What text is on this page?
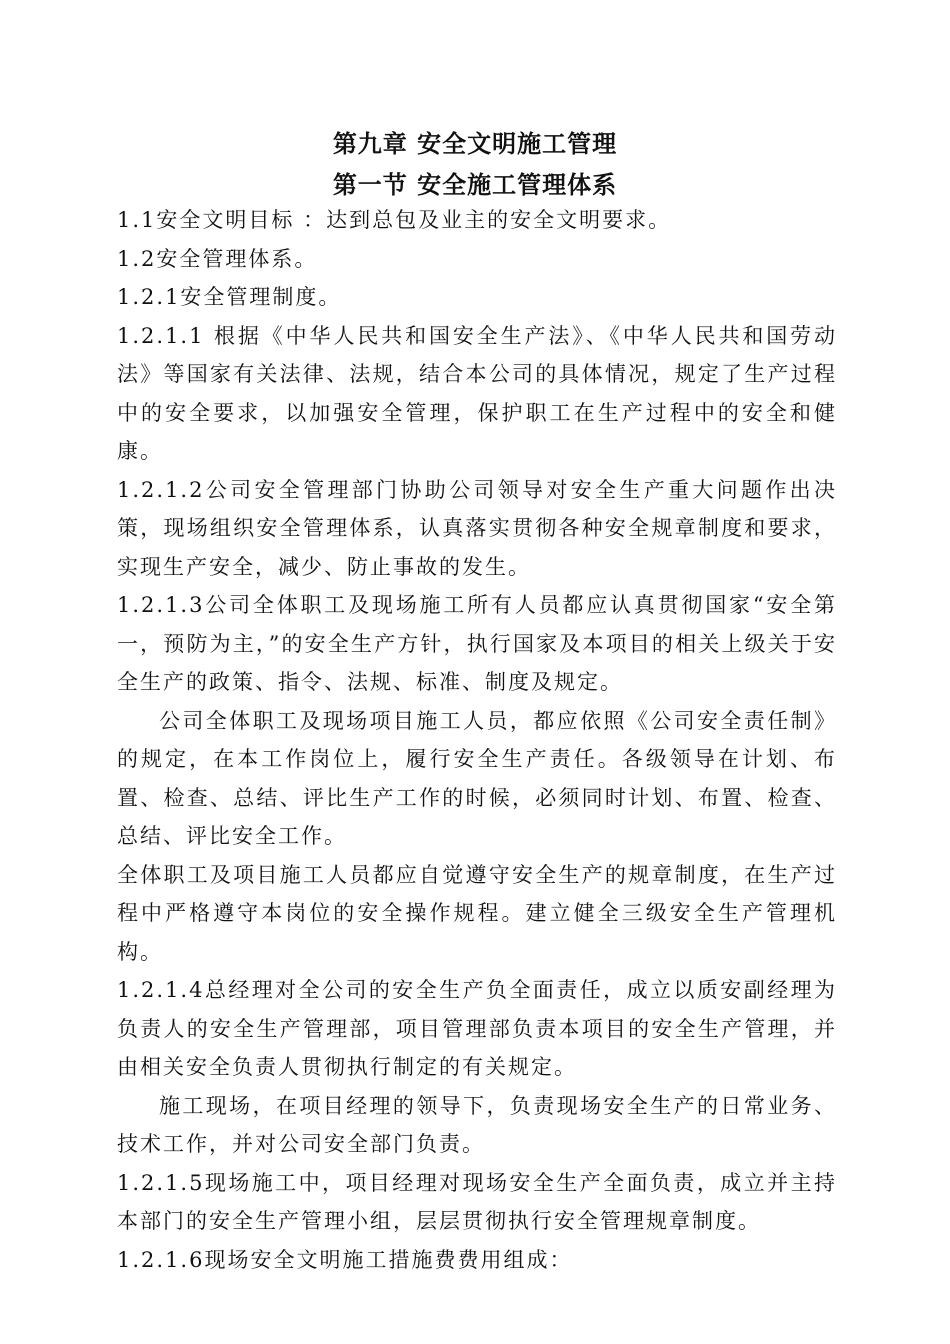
第九章 安全文明施工管理
第一节 安全施工管理体系

1.1安全文明目标 ：达到总包及业主的安全文明要求。

1.2安全管理体系。

1.2.1安全管理制度。

1.2.1.1 根据《中华人民共和国安全生产法》、《中华人民共和国劳动法》等国家有关法律、法规，结合本公司的具体情况，规定了生产过程中的安全要求，以加强安全管理，保护职工在生产过程中的安全和健康。

1.2.1.2公司安全管理部门协助公司领导对安全生产重大问题作出决策，现场组织安全管理体系，认真落实贯彻各种安全规章制度和要求，实现生产安全，减少、防止事故的发生。

1.2.1.3公司全体职工及现场施工所有人员都应认真贯彻国家“安全第一，预防为主，”的安全生产方针，执行国家及本项目的相关上级关于安全生产的政策、指令、法规、标准、制度及规定。

公司全体职工及现场项目施工人员，都应依照《公司安全责任制》的规定，在本工作岗位上，履行安全生产责任。各级领导在计划、布置、检查、总结、评比生产工作的时候，必须同时计划、布置、检查、总结、评比安全工作。

全体职工及项目施工人员都应自觉遵守安全生产的规章制度，在生产过程中严格遵守本岗位的安全操作规程。建立健全三级安全生产管理机构。

1.2.1.4总经理对全公司的安全生产负全面责任，成立以质安副经理为负责人的安全生产管理部，项目管理部负责本项目的安全生产管理，并由相关安全负责人贯彻执行制定的有关规定。

施工现场，在项目经理的领导下，负责现场安全生产的日常业务、技术工作，并对公司安全部门负责。

1.2.1.5现场施工中，项目经理对现场安全生产全面负责，成立并主持本部门的安全生产管理小组，层层贯彻执行安全管理规章制度。

1.2.1.6现场安全文明施工措施费费用组成：
